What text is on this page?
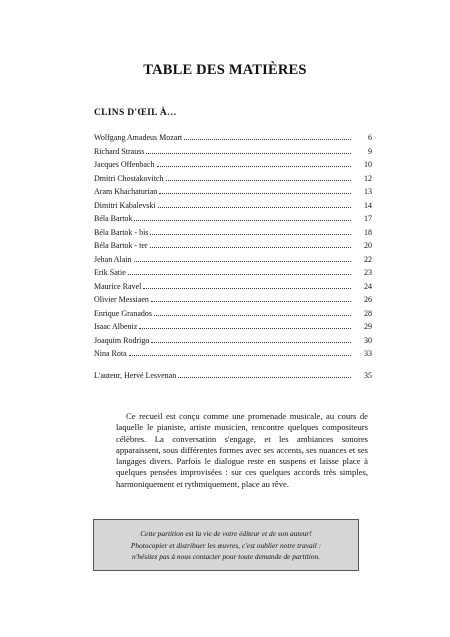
TABLE DES MATIÈRES
CLINS D'ŒIL À…
Wolfgang Amadeus Mozart	6
Richard Strauss	9
Jacques Offenbach	10
Dmitri Chostakovitch	12
Aram Khachaturian	13
Dimitri Kabalevski	14
Béla Bartok	17
Béla Bartok - bis	18
Béla Bartok - ter	20
Jehan Alain	22
Erik Satie	23
Maurice Ravel	24
Olivier Messiaen	26
Enrique Granados	28
Isaac Albeniz	29
Joaquim Rodrigo	30
Nina Rota	33
L'auteur, Hervé Lesvenan	35

Ce recueil est conçu comme une promenade musicale, au cours de laquelle le pianiste, artiste musicien, rencontre quelques compositeurs célèbres. La conversation s'engage, et les ambiances sonores apparaissent, sous différentes formes avec ses accents, ses nuances et ses langages divers. Parfois le dialogue reste en suspens et laisse place à quelques pensées improvisées : sur ces quelques accords très simples, harmoniquement et rythmiquement, place au rêve.

Cette partition est la vie de votre éditeur et de son auteur!
Photocopier et distribuer les œuvres, c'est oublier notre travail :
n'hésitez pas à nous contacter pour toute demande de partition.
